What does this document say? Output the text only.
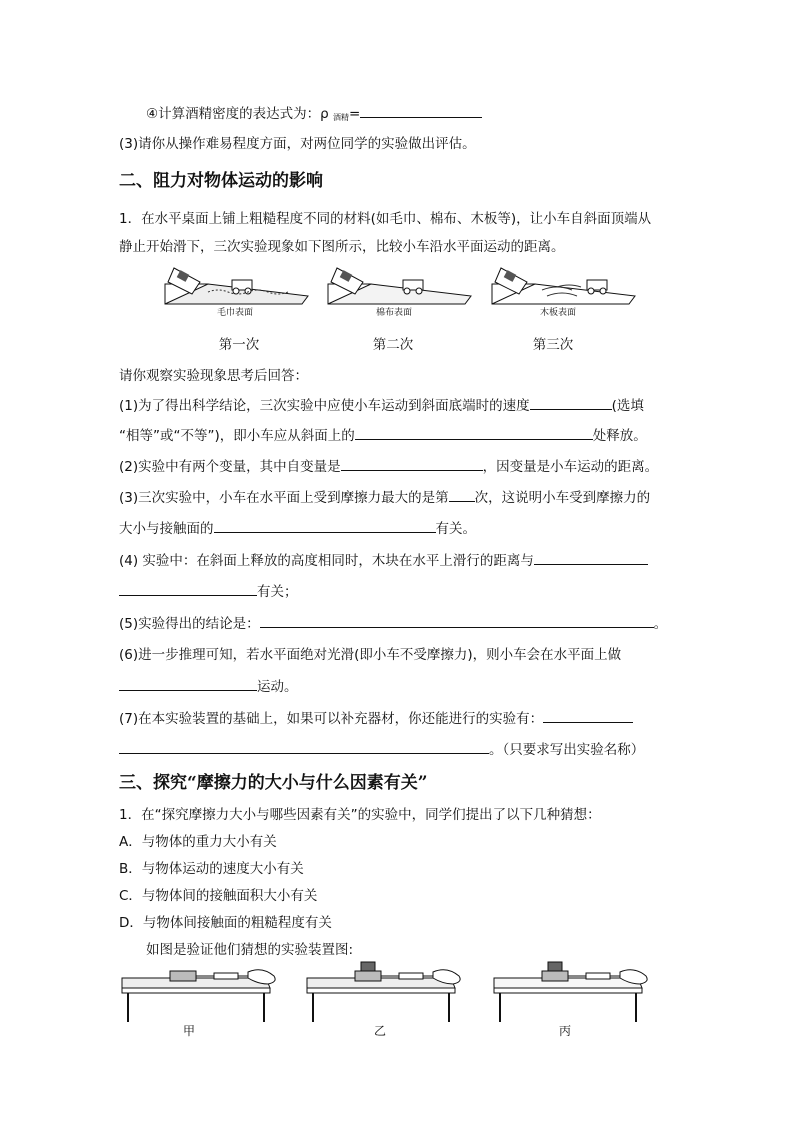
④计算酒精密度的表达式为：ρ $_{酒精}$=
(3)请你从操作难易程度方面，对两位同学的实验做出评估。
二、阻力对物体运动的影响
1．在水平桌面上铺上粗糙程度不同的材料(如毛巾、棉布、木板等)，让小车自斜面顶端从
静止开始滑下，三次实验现象如下图所示，比较小车沿水平面运动的距离。
毛巾表面	棉布表面	木板表面
第一次	第二次	第三次
请你观察实验现象思考后回答：
(1)为了得出科学结论，三次实验中应使小车运动到斜面底端时的速度	(选填
“相等”或“不等”)，即小车应从斜面上的	处释放。
(2)实验中有两个变量，其中自变量是	，因变量是小车运动的距离。
(3)三次实验中，小车在水平面上受到摩擦力最大的是第 次，这说明小车受到摩擦力的
大小与接触面的	有关。
(4) 实验中：在斜面上释放的高度相同时，木块在水平上滑行的距离与
有关；
(5)实验得出的结论是：	。
(6)进一步推理可知，若水平面绝对光滑(即小车不受摩擦力)，则小车会在水平面上做
运动。
(7)在本实验装置的基础上，如果可以补充器材，你还能进行的实验有：
。（只要求写出实验名称）
三、探究“摩擦力的大小与什么因素有关”
1．在“探究摩擦力大小与哪些因素有关”的实验中，同学们提出了以下几种猜想：
A．与物体的重力大小有关
B．与物体运动的速度大小有关
C．与物体间的接触面积大小有关
D．与物体间接触面的粗糙程度有关
如图是验证他们猜想的实验装置图:
甲	乙	丙
